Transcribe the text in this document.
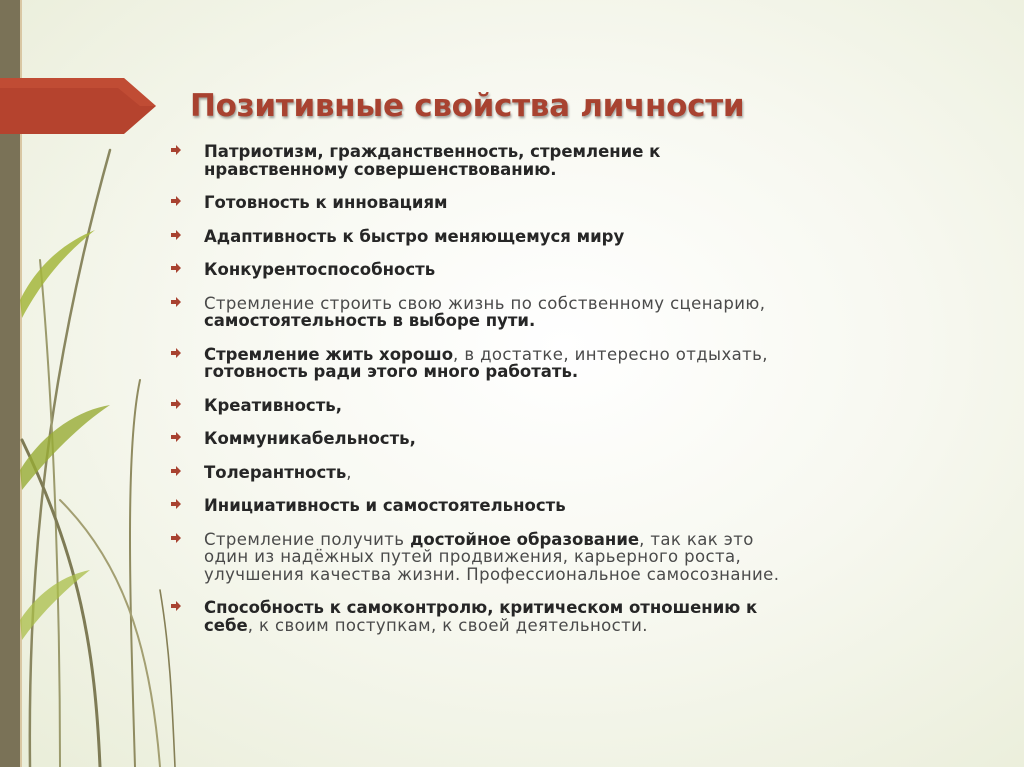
Позитивные свойства личности
Патриотизм, гражданственность, стремление к нравственному совершенствованию.
Готовность к инновациям
Адаптивность к быстро меняющемуся миру
Конкурентоспособность
Стремление строить свою жизнь по собственному сценарию, самостоятельность в выборе пути.
Стремление жить хорошо, в достатке, интересно отдыхать, готовность ради этого много работать.
Креативность,
Коммуникабельность,
Толерантность,
Инициативность и самостоятельность
Стремление получить достойное образование, так как это один из надёжных путей продвижения, карьерного роста, улучшения качества жизни. Профессиональное самосознание.
Способность к самоконтролю, критическом отношению к себе, к своим поступкам, к своей деятельности.
